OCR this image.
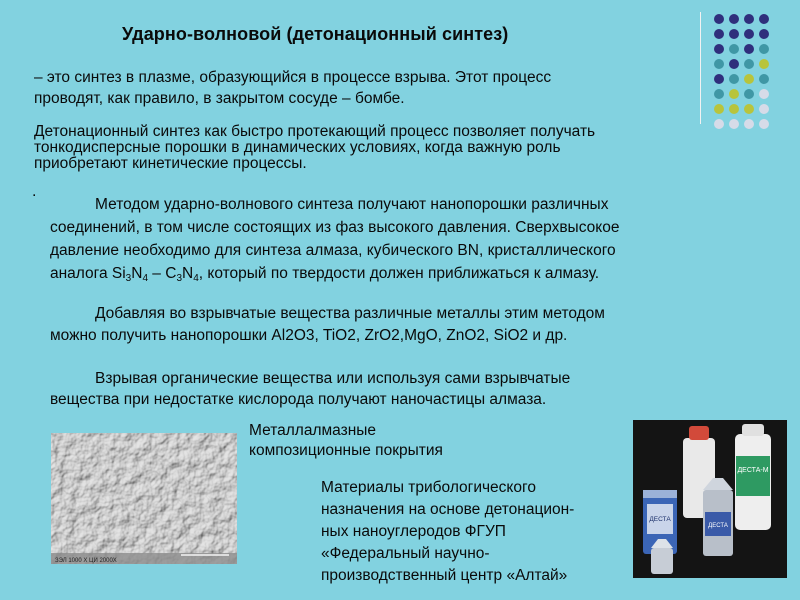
Ударно-волновой (детонационный синтез)
– это синтез в плазме, образующийся в процессе взрыва. Этот процесс
проводят, как правило, в закрытом сосуде – бомбе.
Детонационный синтез как быстро протекающий процесс позволяет получать
тонкодисперсные порошки в динамических условиях, когда важную роль
приобретают кинетические процессы.
.
Методом ударно-волнового синтеза получают нанопорошки различных
соединений, в том числе состоящих из фаз высокого давления. Сверхвысокое
давление необходимо для синтеза алмаза, кубического BN, кристаллического
аналога $Si_3N_4 - C_3N_4$, который по твердости должен приближаться к алмазу.
Добавляя во взрывчатые вещества различные металлы этим методом
можно получить нанопорошки Al2O3, TiO2, ZrO2,MgO, ZnO2, SiO2 и др.
Взрывая органические вещества или используя сами взрывчатые
вещества при недостатке кислорода получают наночастицы алмаза.
ЗЭЛ 1000 X ЦИ 2000Х
Металлалмазные
композиционные покрытия
Материалы трибологического
назначения на основе детонацион-
ных наноуглеродов ФГУП
«Федеральный научно-
производственный центр «Алтай»
ДЕСТА-М
ДЕСТА
ДЕСТА
